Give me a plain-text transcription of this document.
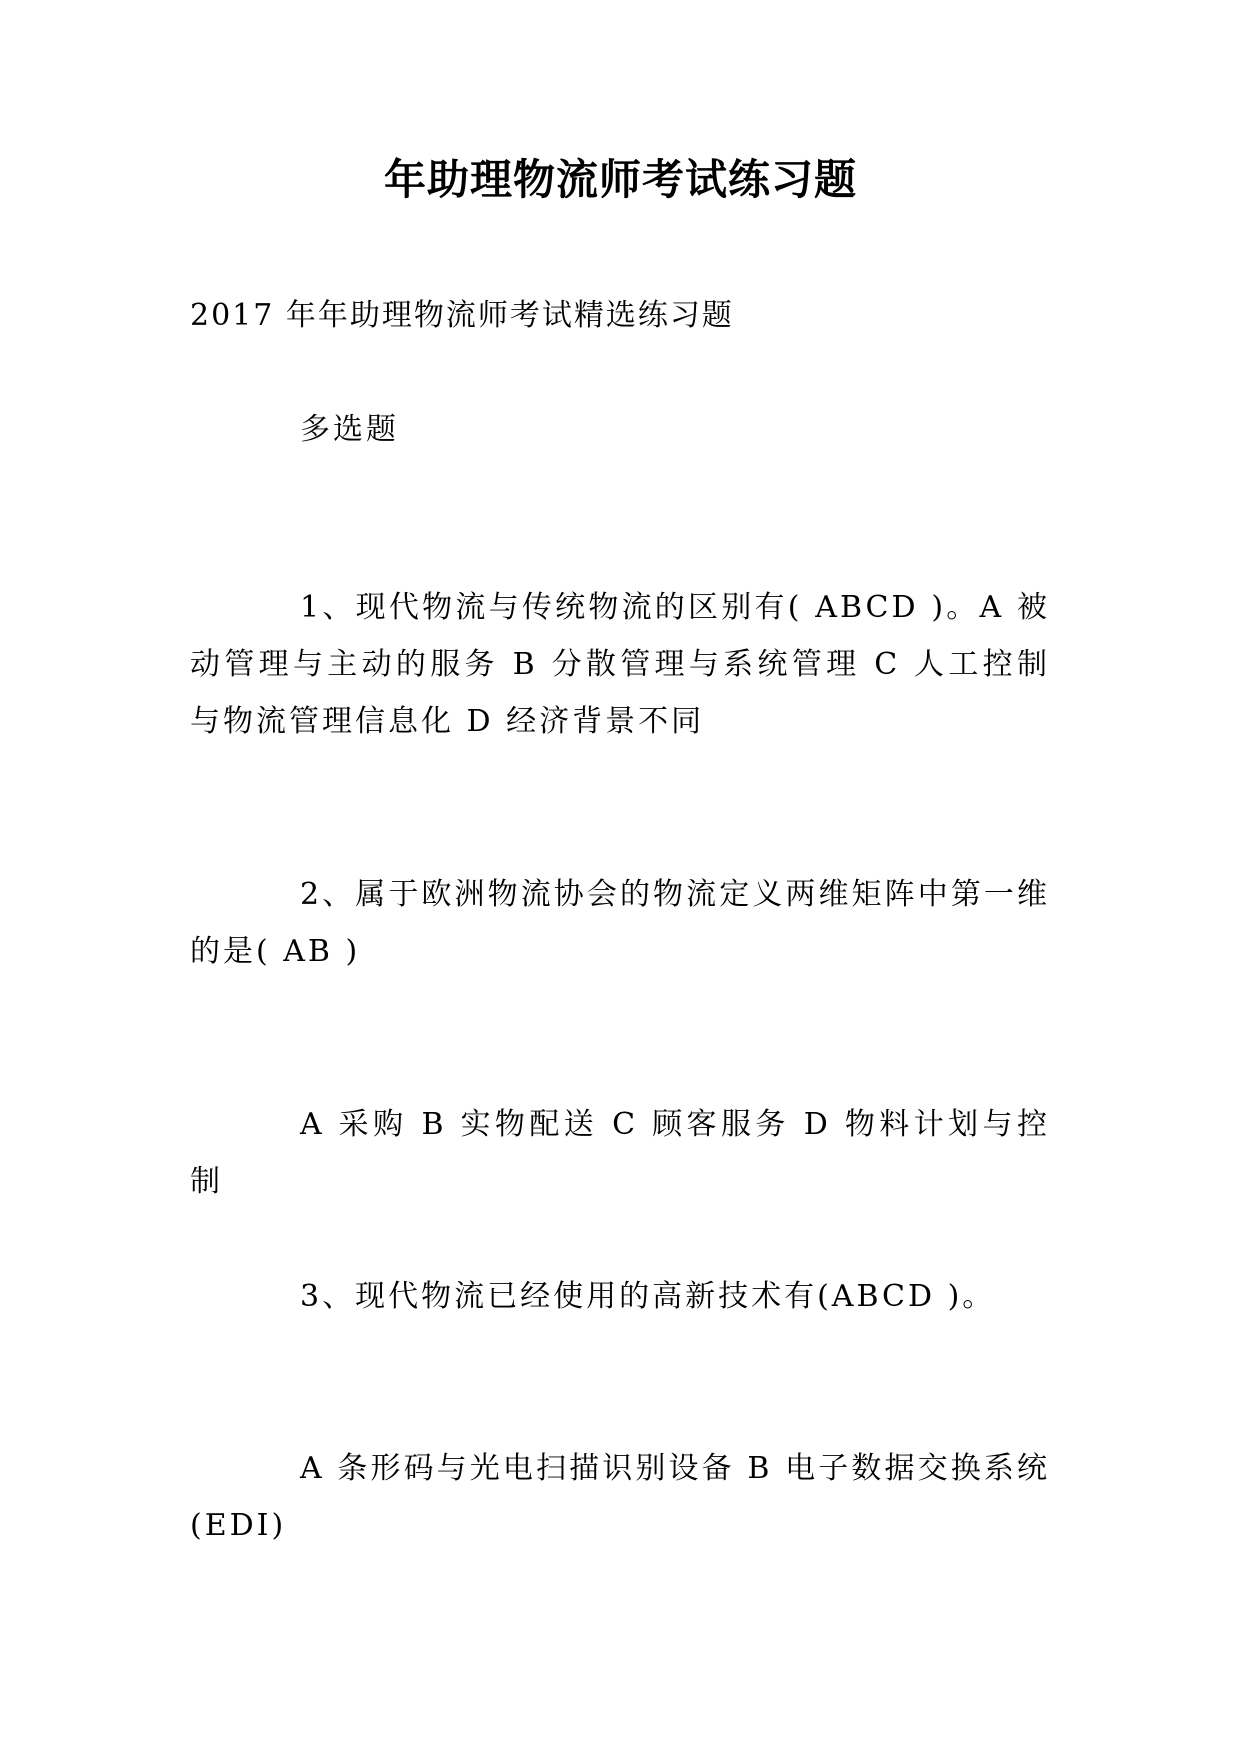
年助理物流师考试练习题
2017 年年助理物流师考试精选练习题
多选题
1、现代物流与传统物流的区别有( ABCD )。A 被动管理与主动的服务 B 分散管理与系统管理 C 人工控制与物流管理信息化 D 经济背景不同
2、属于欧洲物流协会的物流定义两维矩阵中第一维的是( AB )
A 采购 B 实物配送 C 顾客服务 D 物料计划与控制
3、现代物流已经使用的高新技术有(ABCD )。
A 条形码与光电扫描识别设备 B 电子数据交换系统(EDI)
